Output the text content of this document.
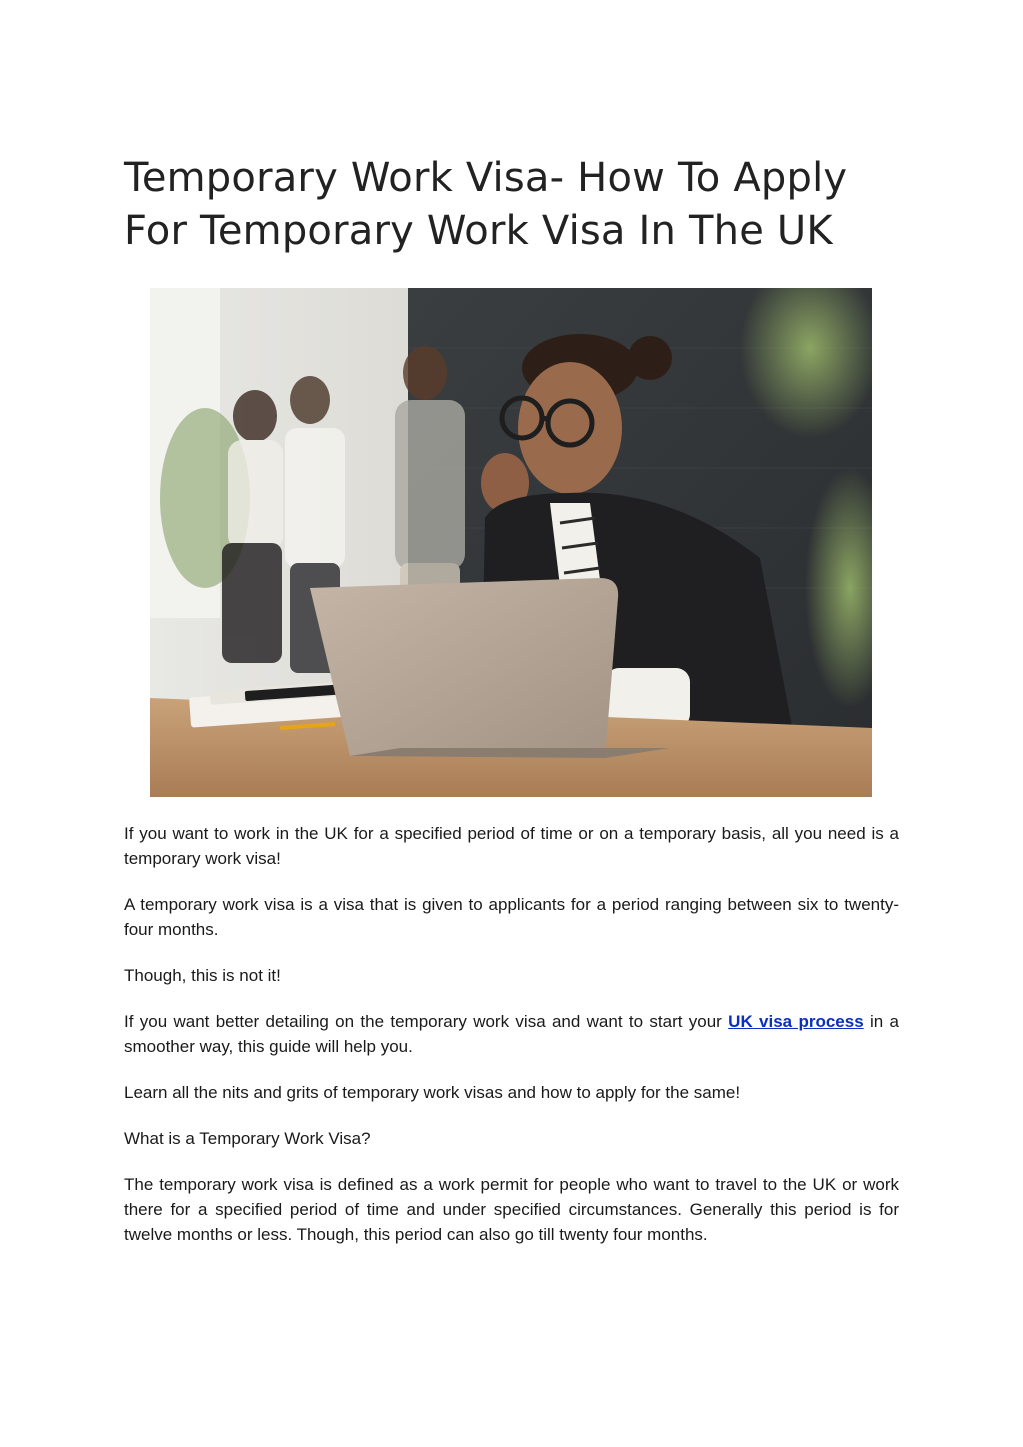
Temporary Work Visa- How To Apply For Temporary Work Visa In The UK

If you want to work in the UK for a specified period of time or on a temporary basis, all you need is a temporary work visa!

A temporary work visa is a visa that is given to applicants for a period ranging between six to twenty-four months.

Though, this is not it!

If you want better detailing on the temporary work visa and want to start your UK visa process in a smoother way, this guide will help you.

Learn all the nits and grits of temporary work visas and how to apply for the same!

What is a Temporary Work Visa?

The temporary work visa is defined as a work permit for people who want to travel to the UK or work there for a specified period of time and under specified circumstances. Generally this period is for twelve months or less. Though, this period can also go till twenty four months.
